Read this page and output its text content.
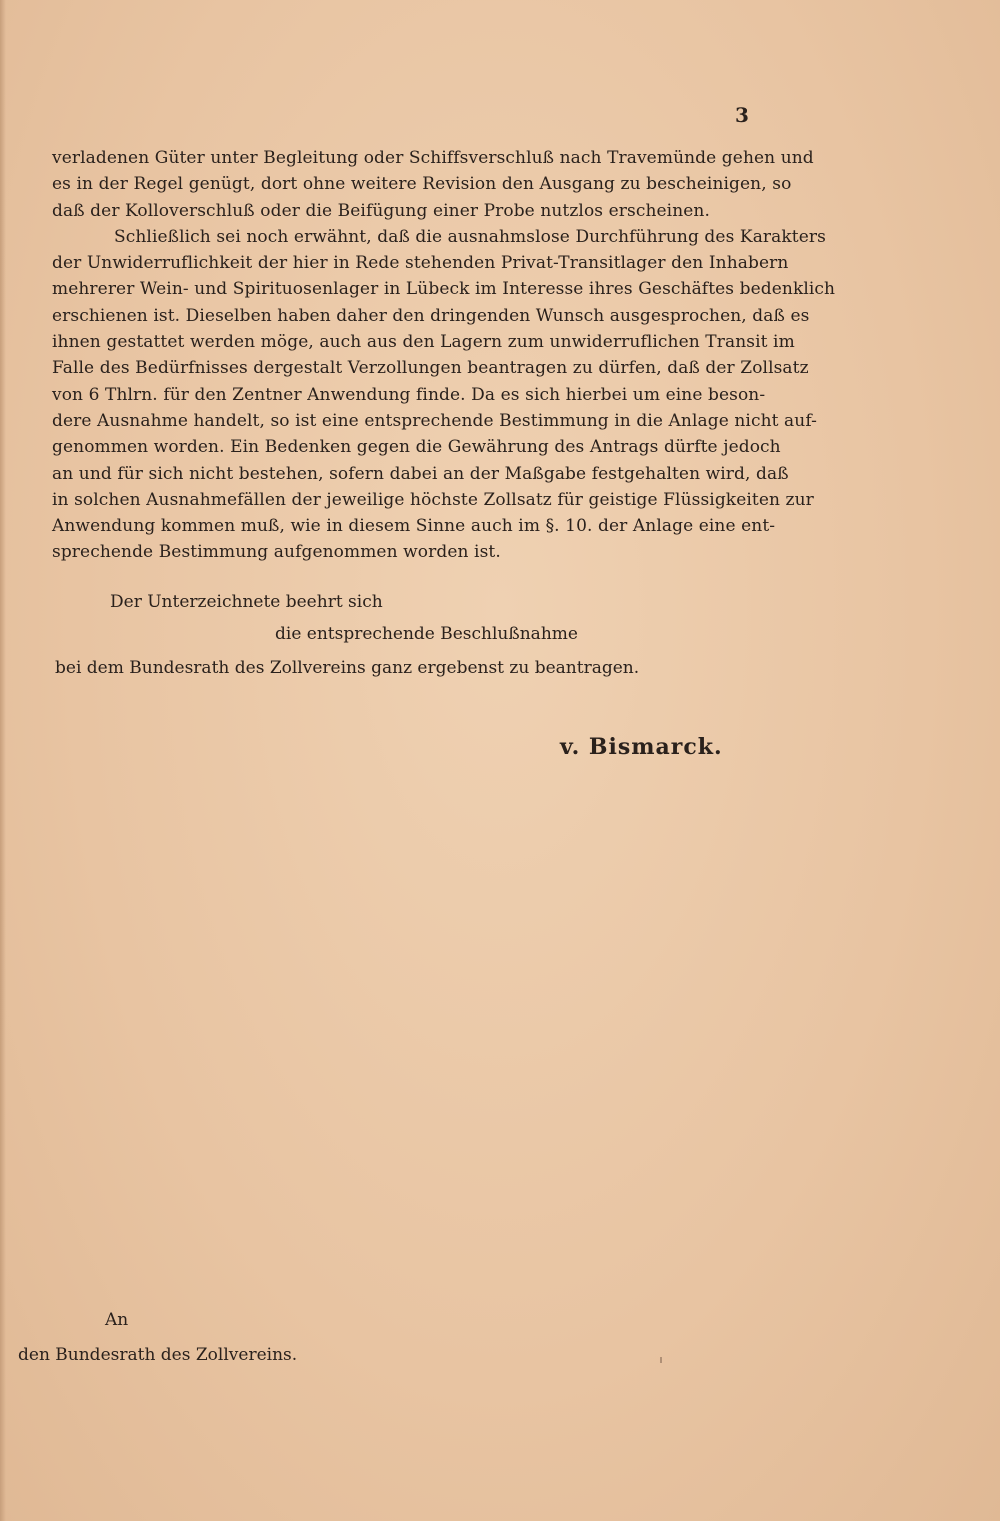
3
verladenen Güter unter Begleitung oder Schiffsverschluß nach Travemünde gehen und
es in der Regel genügt, dort ohne weitere Revision den Ausgang zu bescheinigen, so
daß der Kolloverschluß oder die Beifügung einer Probe nutzlos erscheinen.
Schließlich sei noch erwähnt, daß die ausnahmslose Durchführung des Karakters
der Unwiderruflichkeit der hier in Rede stehenden Privat-Transitlager den Inhabern
mehrerer Wein- und Spirituosenlager in Lübeck im Interesse ihres Geschäftes bedenklich
erschienen ist. Dieselben haben daher den dringenden Wunsch ausgesprochen, daß es
ihnen gestattet werden möge, auch aus den Lagern zum unwiderruflichen Transit im
Falle des Bedürfnisses dergestalt Verzollungen beantragen zu dürfen, daß der Zollsatz
von 6 Thlrn. für den Zentner Anwendung finde. Da es sich hierbei um eine beson-
dere Ausnahme handelt, so ist eine entsprechende Bestimmung in die Anlage nicht auf-
genommen worden. Ein Bedenken gegen die Gewährung des Antrags dürfte jedoch
an und für sich nicht bestehen, sofern dabei an der Maßgabe festgehalten wird, daß
in solchen Ausnahmefällen der jeweilige höchste Zollsatz für geistige Flüssigkeiten zur
Anwendung kommen muß, wie in diesem Sinne auch im §. 10. der Anlage eine ent-
sprechende Bestimmung aufgenommen worden ist.
Der Unterzeichnete beehrt sich
die entsprechende Beschlußnahme
bei dem Bundesrath des Zollvereins ganz ergebenst zu beantragen.
v. Bismarck.
An
den Bundesrath des Zollvereins.
